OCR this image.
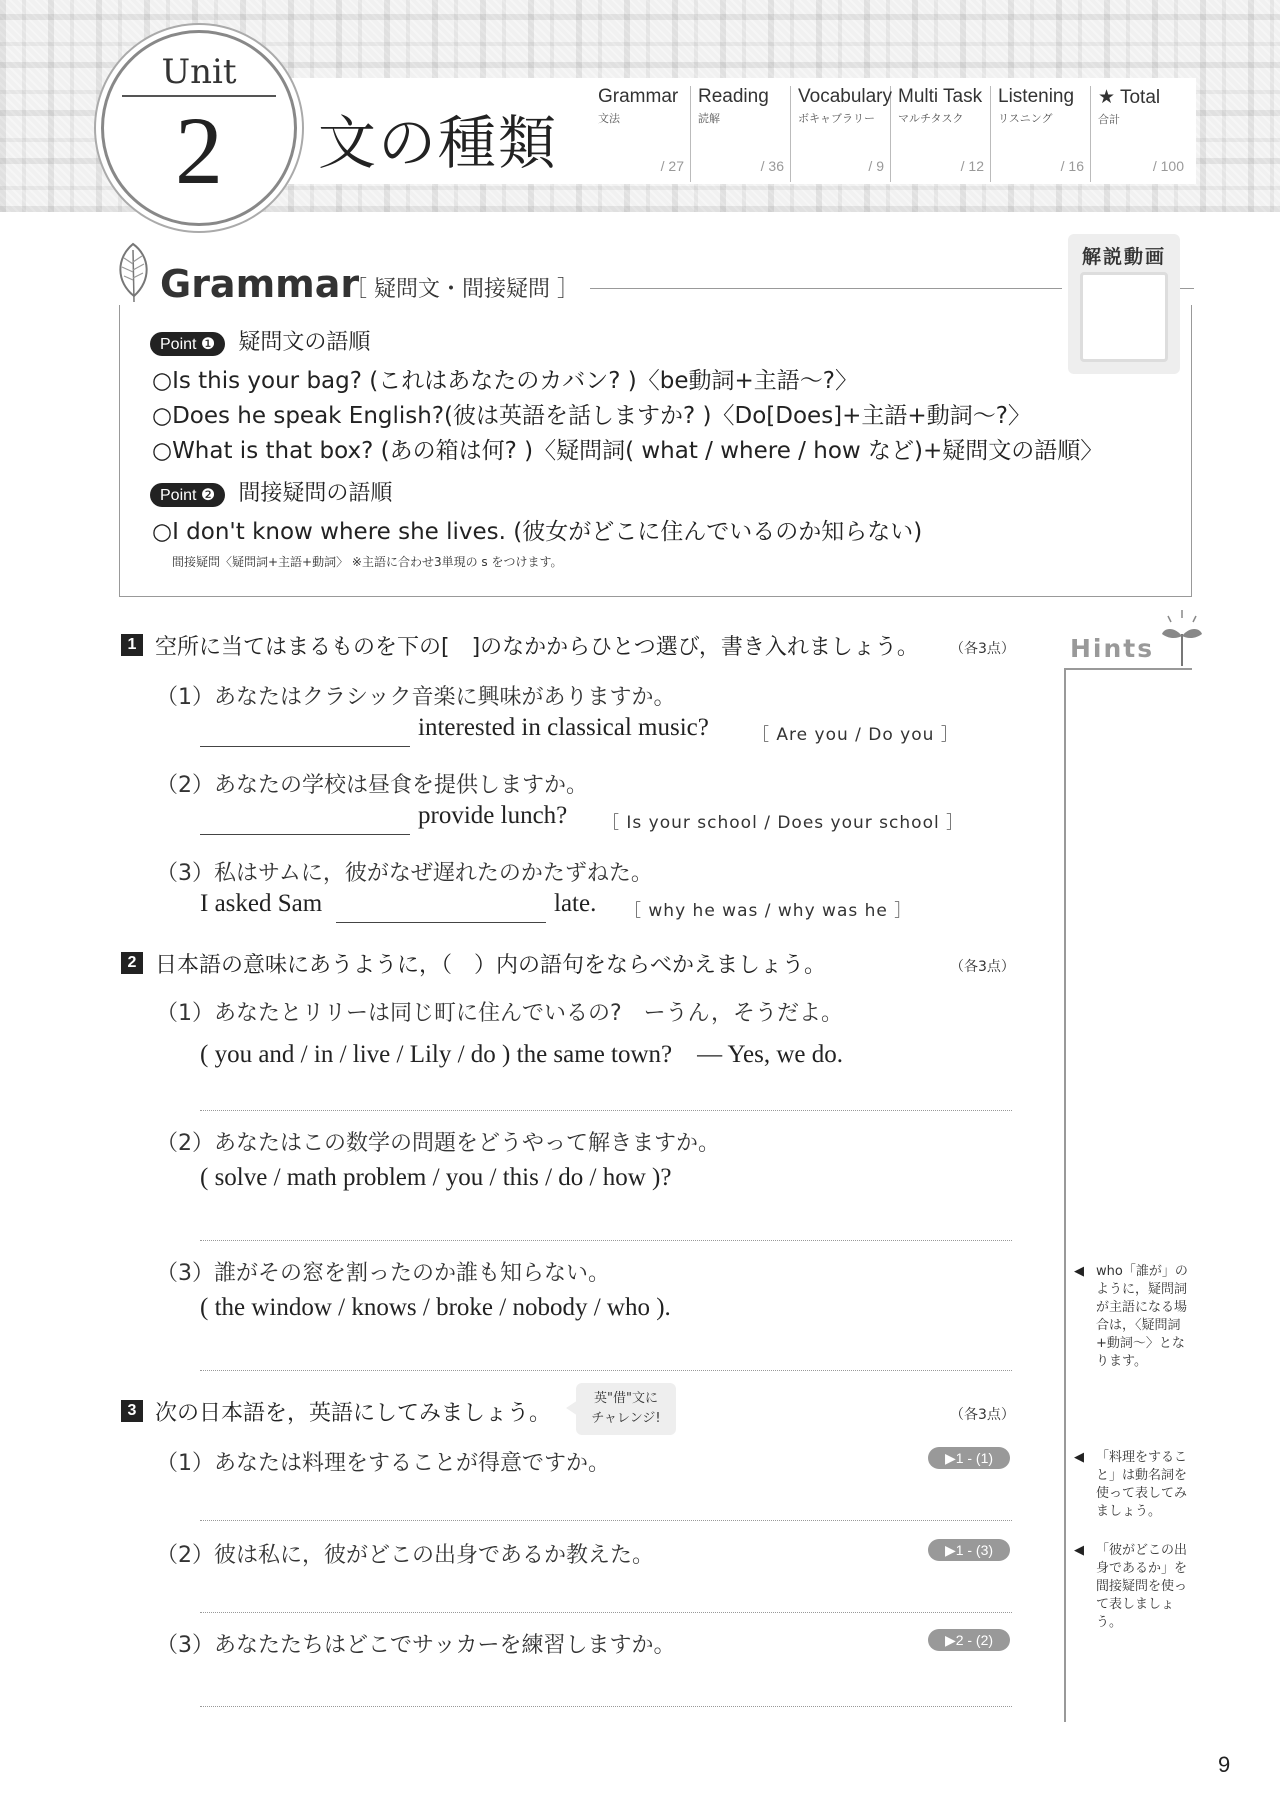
Unit
2	文の種類
Grammar
文法
/ 27
Reading
読解
/ 36
Vocabulary
ボキャブラリー
/ 9
Multi Task
マルチタスク
/ 12
Listening
リスニング
/ 16
★ Total
合計
/ 100
Grammar
［ 疑問文・間接疑問 ］
解説動画
Point ❶ 疑問文の語順
○Is this your bag? (これはあなたのカバン? )〈be動詞+主語〜?〉
○Does he speak English?(彼は英語を話しますか? )〈Do[Does]+主語+動詞〜?〉
○What is that box? (あの箱は何? )〈疑問詞( what / where / how など)+疑問文の語順〉
Point ❷ 間接疑問の語順
○I don't know where she lives. (彼女がどこに住んでいるのか知らない)
間接疑問〈疑問詞+主語+動詞〉 ※主語に合わせ3単現の s をつけます。
1 空所に当てはまるものを下の[　]のなかからひとつ選び，書き入れましょう。 （各3点）
（1）あなたはクラシック音楽に興味がありますか。
interested in classical music?	［ Are you / Do you ］
（2）あなたの学校は昼食を提供しますか。
provide lunch? ［ Is your school / Does your school ］
（3）私はサムに，彼がなぜ遅れたのかたずねた。
I asked Sam	late. ［ why he was / why was he ］
2 日本語の意味にあうように，（　）内の語句をならべかえましょう。	（各3点）
（1）あなたとリリーは同じ町に住んでいるの?　ーうん，そうだよ。
( you and / in / live / Lily / do ) the same town?　— Yes, we do.
（2）あなたはこの数学の問題をどうやって解きますか。
( solve / math problem / you / this / do / how )?
（3）誰がその窓を割ったのか誰も知らない。
( the window / knows / broke / nobody / who ).
3 次の日本語を，英語にしてみましょう。
英"借"文に
チャレンジ!	（各3点）
（1）あなたは料理をすることが得意ですか。	▶1 - (1)
（2）彼は私に，彼がどこの出身であるか教えた。	▶1 - (3)
（3）あなたたちはどこでサッカーを練習しますか。	▶2 - (2)
Hints
◀ who「誰が」のように，疑問詞が主語になる場合は，〈疑問詞+動詞〜〉となります。
◀ 「料理をすること」は動名詞を使って表してみましょう。
◀ 「彼がどこの出身であるか」を間接疑問を使って表しましょう。
9
